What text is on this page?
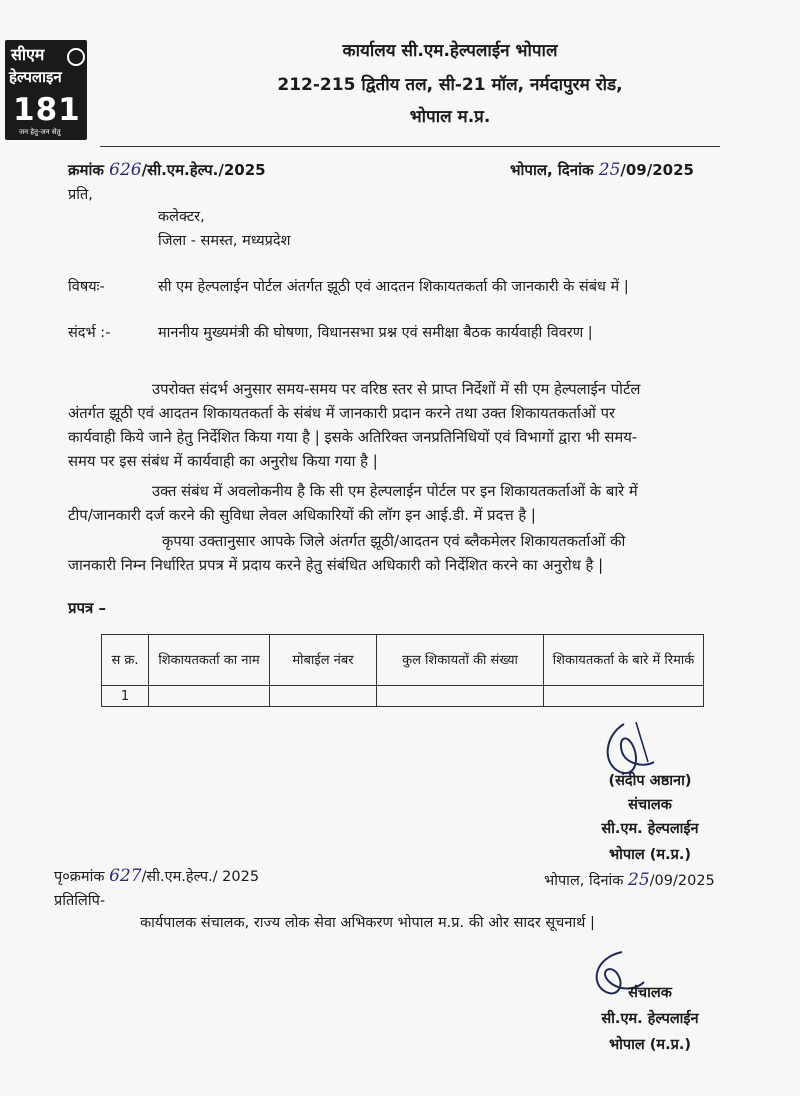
सीएम
हेल्पलाइन
181
जन हेतु-जन सेतु
कार्यालय सी.एम.हेल्पलाईन भोपाल
212-215 द्वितीय तल, सी-21 मॉल, नर्मदापुरम रोड,
भोपाल म.प्र.
क्रमांक 626/सी.एम.हेल्प./2025	भोपाल, दिनांक 25/09/2025
प्रति,
कलेक्टर,
जिला - समस्त, मध्यप्रदेश
विषयः-	सी एम हेल्पलाईन पोर्टल अंतर्गत झूठी एवं आदतन शिकायतकर्ता की जानकारी के संबंध में |
संदर्भ :-	माननीय मुख्यमंत्री की घोषणा, विधानसभा प्रश्न एवं समीक्षा बैठक कार्यवाही विवरण |
उपरोक्त संदर्भ अनुसार समय-समय पर वरिष्ठ स्तर से प्राप्त निर्देशों में सी एम हेल्पलाईन पोर्टल
अंतर्गत झूठी एवं आदतन शिकायतकर्ता के संबंध में जानकारी प्रदान करने तथा उक्त शिकायतकर्ताओं पर
कार्यवाही किये जाने हेतु निर्देशित किया गया है | इसके अतिरिक्त जनप्रतिनिधियों एवं विभागों द्वारा भी समय-
समय पर इस संबंध में कार्यवाही का अनुरोध किया गया है |
उक्त संबंध में अवलोकनीय है कि सी एम हेल्पलाईन पोर्टल पर इन शिकायतकर्ताओं के बारे में
टीप/जानकारी दर्ज करने की सुविधा लेवल अधिकारियों की लॉग इन आई.डी. में प्रदत्त है |
कृपया उक्तानुसार आपके जिले अंतर्गत झूठी/आदतन एवं ब्लैकमेलर शिकायतकर्ताओं की
जानकारी निम्न निर्धारित प्रपत्र में प्रदाय करने हेतु संबंधित अधिकारी को निर्देशित करने का अनुरोध है |
प्रपत्र –
स क्र.	शिकायतकर्ता का नाम	मोबाईल नंबर	कुल शिकायतों की संख्या	शिकायतकर्ता के बारे में रिमार्क
1				
(संदीप अष्ठाना)
संचालक
सी.एम. हेल्पलाईन
भोपाल (म.प्र.)
पृ०क्रमांक 627/सी.एम.हेल्प./ 2025	भोपाल, दिनांक 25/09/2025
प्रतिलिपि-
कार्यपालक संचालक, राज्य लोक सेवा अभिकरण भोपाल म.प्र. की ओर सादर सूचनार्थ |
संचालक
सी.एम. हेल्पलाईन
भोपाल (म.प्र.)
